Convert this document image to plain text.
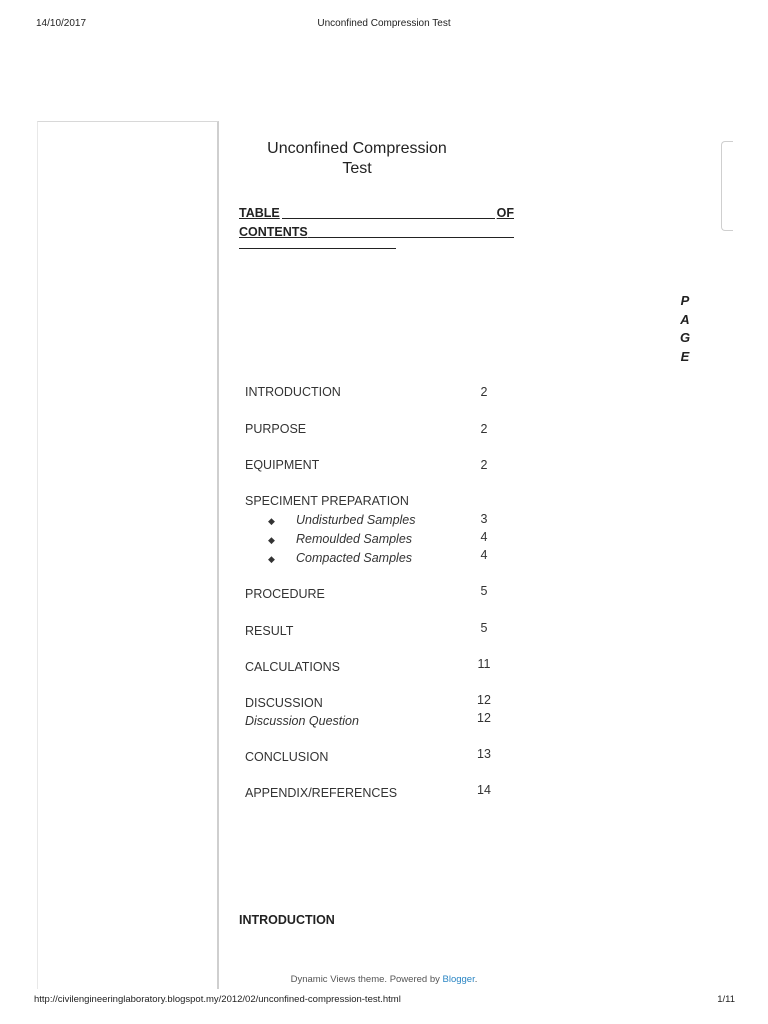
14/10/2017	Unconfined Compression Test
Unconfined Compression
Test
TABLE	OF
CONTENTS
P
A
G
E
INTRODUCTION	2
PURPOSE	2
EQUIPMENT	2
SPECIMENT PREPARATION
◆ Undisturbed Samples	3
◆ Remoulded Samples	4
◆ Compacted Samples	4
PROCEDURE	5
RESULT	5
CALCULATIONS	11
DISCUSSION	12
Discussion Question	12
CONCLUSION	13
APPENDIX/REFERENCES	14
INTRODUCTION
Dynamic Views theme. Powered by Blogger.
http://civilengineeringlaboratory.blogspot.my/2012/02/unconfined-compression-test.html	1/11
